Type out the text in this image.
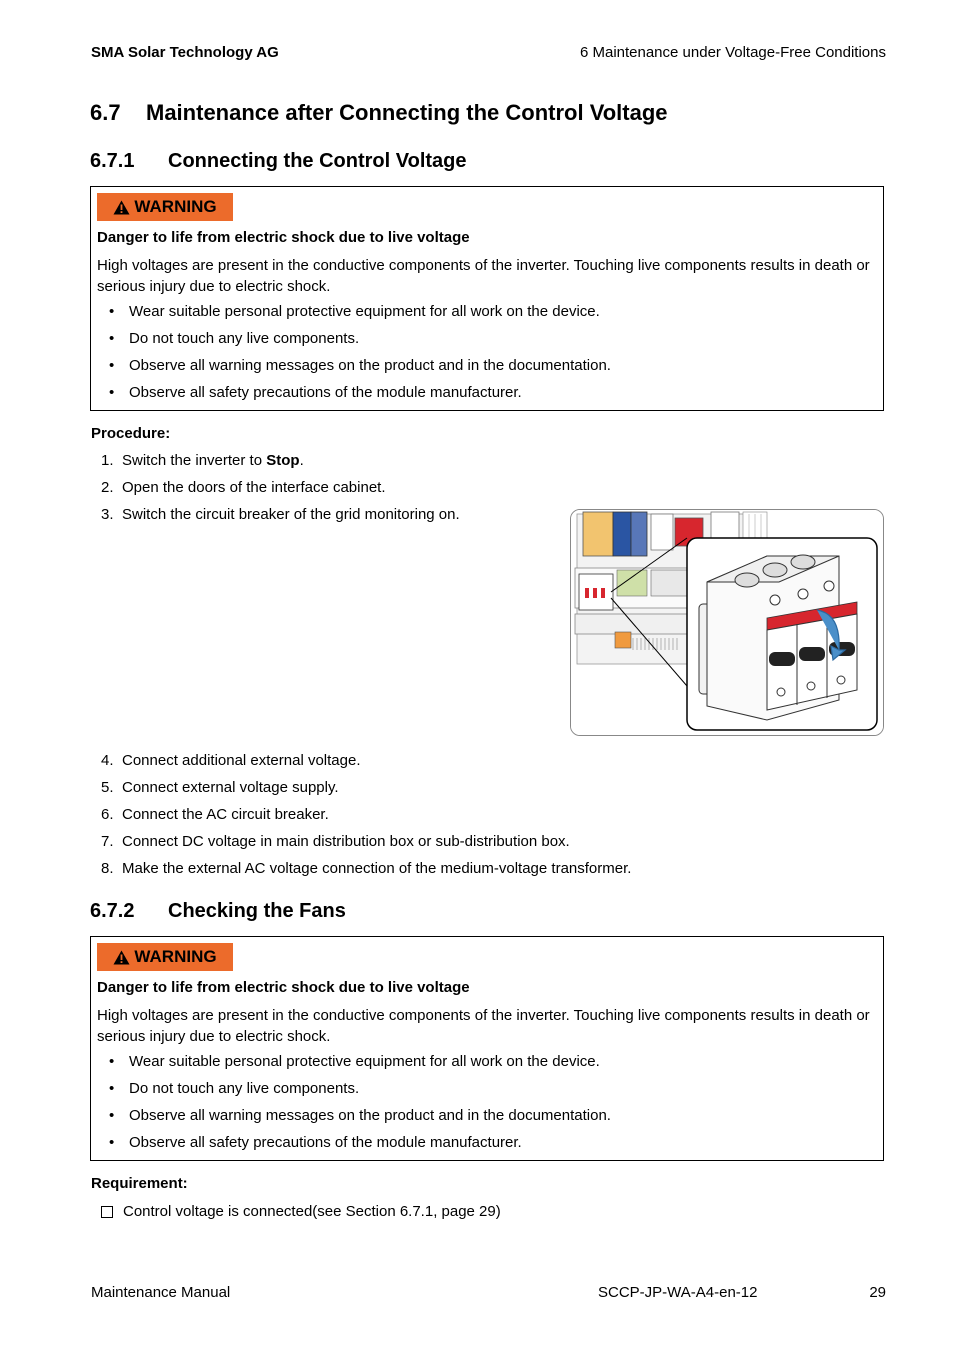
SMA Solar Technology AG	6 Maintenance under Voltage-Free Conditions
6.7 Maintenance after Connecting the Control Voltage
6.7.1 Connecting the Control Voltage
WARNING
Danger to life from electric shock due to live voltage
High voltages are present in the conductive components of the inverter. Touching live components results in death or serious injury due to electric shock.
• Wear suitable personal protective equipment for all work on the device.
• Do not touch any live components.
• Observe all warning messages on the product and in the documentation.
• Observe all safety precautions of the module manufacturer.
Procedure:
1. Switch the inverter to Stop.
2. Open the doors of the interface cabinet.
3. Switch the circuit breaker of the grid monitoring on.
4. Connect additional external voltage.
5. Connect external voltage supply.
6. Connect the AC circuit breaker.
7. Connect DC voltage in main distribution box or sub-distribution box.
8. Make the external AC voltage connection of the medium-voltage transformer.
6.7.2 Checking the Fans
WARNING
Danger to life from electric shock due to live voltage
High voltages are present in the conductive components of the inverter. Touching live components results in death or serious injury due to electric shock.
• Wear suitable personal protective equipment for all work on the device.
• Do not touch any live components.
• Observe all warning messages on the product and in the documentation.
• Observe all safety precautions of the module manufacturer.
Requirement:
Control voltage is connected(see Section 6.7.1, page 29)
Maintenance Manual	SCCP-JP-WA-A4-en-12	29
